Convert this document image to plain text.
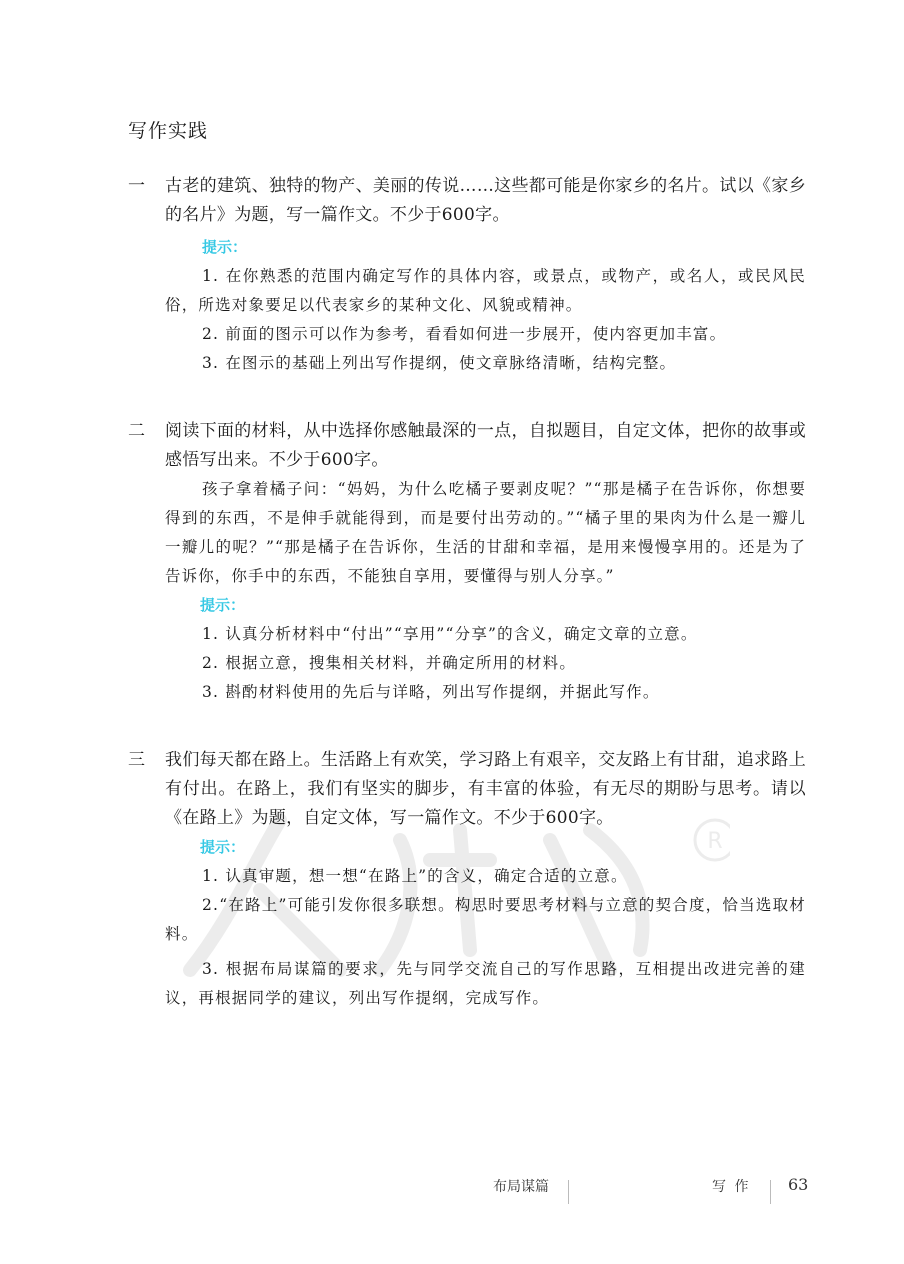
写作实践
一 古老的建筑、独特的物产、美丽的传说……这些都可能是你家乡的名片。试以《家乡的名片》为题，写一篇作文。不少于600字。
提示：
1. 在你熟悉的范围内确定写作的具体内容，或景点，或物产，或名人，或民风民俗，所选对象要足以代表家乡的某种文化、风貌或精神。
2. 前面的图示可以作为参考，看看如何进一步展开，使内容更加丰富。
3. 在图示的基础上列出写作提纲，使文章脉络清晰，结构完整。
二 阅读下面的材料，从中选择你感触最深的一点，自拟题目，自定文体，把你的故事或感悟写出来。不少于600字。
孩子拿着橘子问：“妈妈，为什么吃橘子要剥皮呢？”“那是橘子在告诉你，你想要得到的东西，不是伸手就能得到，而是要付出劳动的。”“橘子里的果肉为什么是一瓣儿一瓣儿的呢？”“那是橘子在告诉你，生活的甘甜和幸福，是用来慢慢享用的。还是为了告诉你，你手中的东西，不能独自享用，要懂得与别人分享。”
提示：
1. 认真分析材料中“付出”“享用”“分享”的含义，确定文章的立意。
2. 根据立意，搜集相关材料，并确定所用的材料。
3. 斟酌材料使用的先后与详略，列出写作提纲，并据此写作。
R
三 我们每天都在路上。生活路上有欢笑，学习路上有艰辛，交友路上有甘甜，追求路上有付出。在路上，我们有坚实的脚步，有丰富的体验，有无尽的期盼与思考。请以《在路上》为题，自定文体，写一篇作文。不少于600字。
提示：
1. 认真审题，想一想“在路上”的含义，确定合适的立意。
2.“在路上”可能引发你很多联想。构思时要思考材料与立意的契合度，恰当选取材料。
3. 根据布局谋篇的要求，先与同学交流自己的写作思路，互相提出改进完善的建议，再根据同学的建议，列出写作提纲，完成写作。
布局谋篇	写 作 63
